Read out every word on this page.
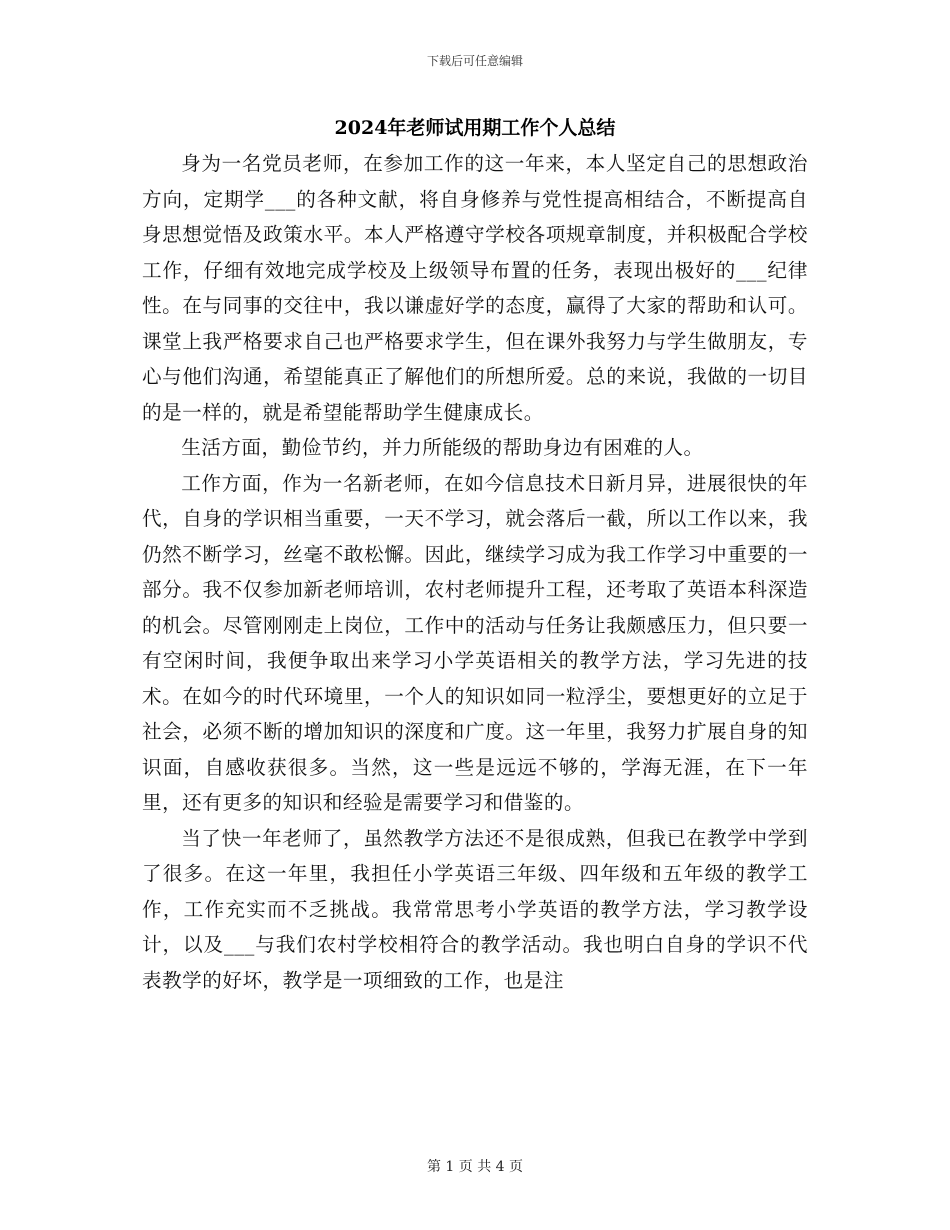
下载后可任意编辑
2024年老师试用期工作个人总结

身为一名党员老师，在参加工作的这一年来，本人坚定自己的思想政治方向，定期学___的各种文献，将自身修养与党性提高相结合，不断提高自身思想觉悟及政策水平。本人严格遵守学校各项规章制度，并积极配合学校工作，仔细有效地完成学校及上级领导布置的任务，表现出极好的___纪律性。在与同事的交往中，我以谦虚好学的态度，赢得了大家的帮助和认可。课堂上我严格要求自己也严格要求学生，但在课外我努力与学生做朋友，专心与他们沟通，希望能真正了解他们的所想所爱。总的来说，我做的一切目的是一样的，就是希望能帮助学生健康成长。

生活方面，勤俭节约，并力所能级的帮助身边有困难的人。

工作方面，作为一名新老师，在如今信息技术日新月异，进展很快的年代，自身的学识相当重要，一天不学习，就会落后一截，所以工作以来，我仍然不断学习，丝毫不敢松懈。因此，继续学习成为我工作学习中重要的一部分。我不仅参加新老师培训，农村老师提升工程，还考取了英语本科深造的机会。尽管刚刚走上岗位，工作中的活动与任务让我颇感压力，但只要一有空闲时间，我便争取出来学习小学英语相关的教学方法，学习先进的技术。在如今的时代环境里，一个人的知识如同一粒浮尘，要想更好的立足于社会，必须不断的增加知识的深度和广度。这一年里，我努力扩展自身的知识面，自感收获很多。当然，这一些是远远不够的，学海无涯，在下一年里，还有更多的知识和经验是需要学习和借鉴的。

当了快一年老师了，虽然教学方法还不是很成熟，但我已在教学中学到了很多。在这一年里，我担任小学英语三年级、四年级和五年级的教学工作，工作充实而不乏挑战。我常常思考小学英语的教学方法，学习教学设计，以及___与我们农村学校相符合的教学活动。我也明白自身的学识不代表教学的好坏，教学是一项细致的工作，也是注

第 1 页 共 4 页
